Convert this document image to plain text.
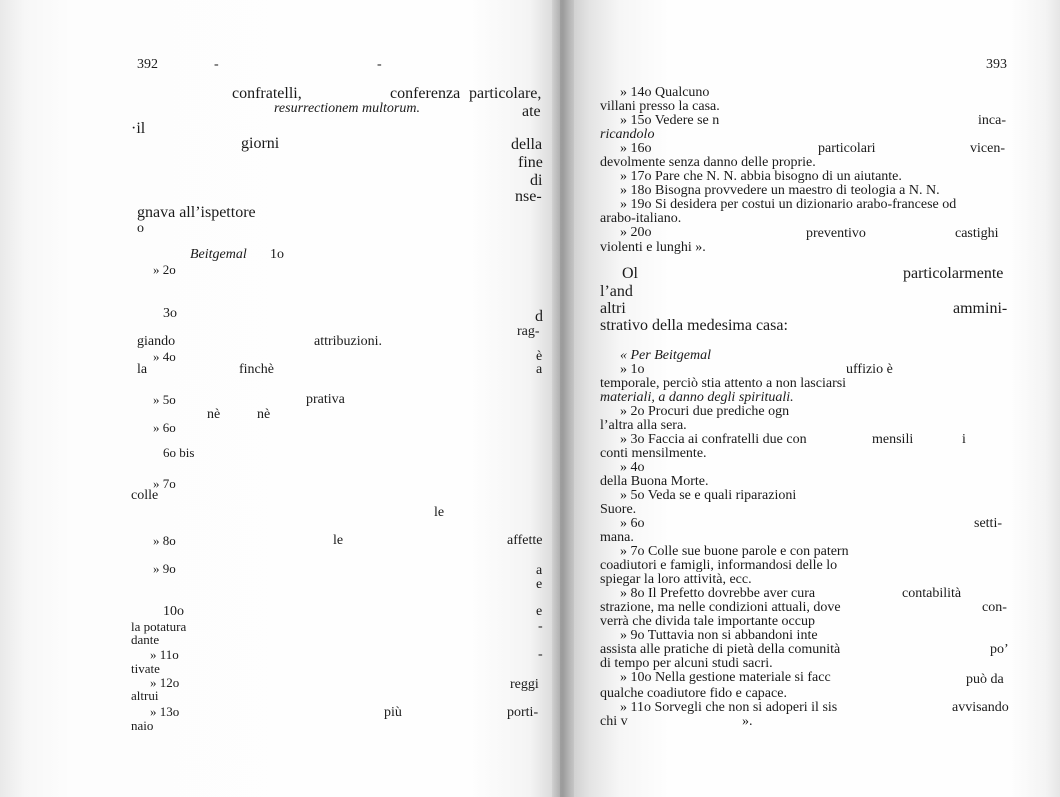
392	393
-	-
confratelli,	conferenza particolare,
resurrectionem multorum.	ate
·il
giorni	della
fine
di
nse-
gnava all’ispettore
o
Beitgemal 1o
» 2o
3o	d
rag-
giando	attribuzioni.
» 4o	è
la	finchè	a
» 5o	prativa
nè	nè
» 6o
6o bis
» 7o
colle
le
» 8o	le	affette
» 9o	a
e
10o	e
la potatura	-
dante
» 11o	-
tivate
» 12o	reggi
altrui
» 13o	più	porti-
naio
» 14o Qualcuno
villani presso la casa.
» 15o Vedere se n	inca-
ricandolo
» 16o	particolari	vicen-
devolmente senza danno delle proprie.
» 17o Pare che N. N. abbia bisogno di un aiutante.
» 18o Bisogna provvedere un maestro di teologia a N. N.
» 19o Si desidera per costui un dizionario arabo-francese od
arabo-italiano.
» 20o	preventivo	castighi
violenti e lunghi ».
Ol	particolarmente
l’and
altri	ammini-
strativo della medesima casa:
« Per Beitgemal
» 1o	uffizio è
temporale, perciò stia attento a non lasciarsi
materiali, a danno degli spirituali.
» 2o Procuri due prediche ogn
l’altra alla sera.
» 3o Faccia ai confratelli due con	mensili	i
conti mensilmente.
» 4o
della Buona Morte.
» 5o Veda se e quali riparazioni
Suore.
» 6o	setti-
mana.
» 7o Colle sue buone parole e con patern
coadiutori e famigli, informandosi delle lo
spiegar la loro attività, ecc.
» 8o Il Prefetto dovrebbe aver cura	contabilità
strazione, ma nelle condizioni attuali, dove	con-
verrà che divida tale importante occup
» 9o Tuttavia non si abbandoni inte
assista alle pratiche di pietà della comunità	po’
di tempo per alcuni studi sacri.
» 10o Nella gestione materiale si facc	può da
qualche coadiutore fido e capace.
» 11o Sorvegli che non si adoperi il sis	avvisando
chi v	».
